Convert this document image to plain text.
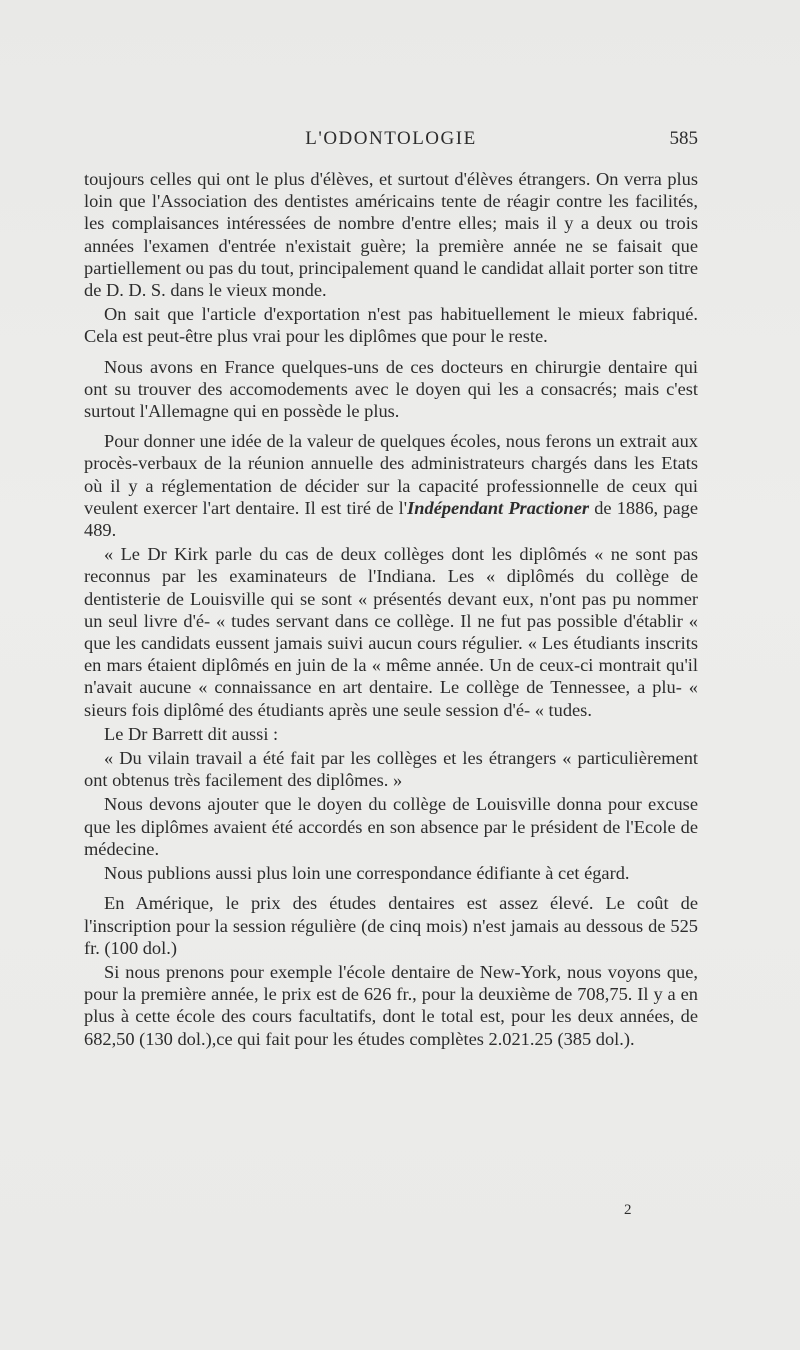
L'ODONTOLOGIE	585

toujours celles qui ont le plus d'élèves, et surtout d'élèves étrangers. On verra plus loin que l'Association des dentistes américains tente de réagir contre les facilités, les complaisances intéressées de nombre d'entre elles; mais il y a deux ou trois années l'examen d'entrée n'existait guère; la première année ne se faisait que partiellement ou pas du tout, principalement quand le candidat allait porter son titre de D. D. S. dans le vieux monde.

On sait que l'article d'exportation n'est pas habituellement le mieux fabriqué. Cela est peut-être plus vrai pour les diplômes que pour le reste.

Nous avons en France quelques-uns de ces docteurs en chirurgie dentaire qui ont su trouver des accomodements avec le doyen qui les a consacrés; mais c'est surtout l'Allemagne qui en possède le plus.

Pour donner une idée de la valeur de quelques écoles, nous ferons un extrait aux procès-verbaux de la réunion annuelle des administrateurs chargés dans les Etats où il y a réglementation de décider sur la capacité professionnelle de ceux qui veulent exercer l'art dentaire. Il est tiré de l'Indépendant Practioner de 1886, page 489.

« Le Dr Kirk parle du cas de deux collèges dont les diplômés « ne sont pas reconnus par les examinateurs de l'Indiana. Les « diplômés du collège de dentisterie de Louisville qui se sont « présentés devant eux, n'ont pas pu nommer un seul livre d'é- « tudes servant dans ce collège. Il ne fut pas possible d'établir « que les candidats eussent jamais suivi aucun cours régulier. « Les étudiants inscrits en mars étaient diplômés en juin de la « même année. Un de ceux-ci montrait qu'il n'avait aucune « connaissance en art dentaire. Le collège de Tennessee, a plu- « sieurs fois diplômé des étudiants après une seule session d'é- « tudes.

Le Dr Barrett dit aussi :

« Du vilain travail a été fait par les collèges et les étrangers « particulièrement ont obtenus très facilement des diplômes. »

Nous devons ajouter que le doyen du collège de Louisville donna pour excuse que les diplômes avaient été accordés en son absence par le président de l'Ecole de médecine.

Nous publions aussi plus loin une correspondance édifiante à cet égard.

En Amérique, le prix des études dentaires est assez élevé. Le coût de l'inscription pour la session régulière (de cinq mois) n'est jamais au dessous de 525 fr. (100 dol.)

Si nous prenons pour exemple l'école dentaire de New-York, nous voyons que, pour la première année, le prix est de 626 fr., pour la deuxième de 708,75. Il y a en plus à cette école des cours facultatifs, dont le total est, pour les deux années, de 682,50 (130 dol.),ce qui fait pour les études complètes 2.021.25 (385 dol.).

2
